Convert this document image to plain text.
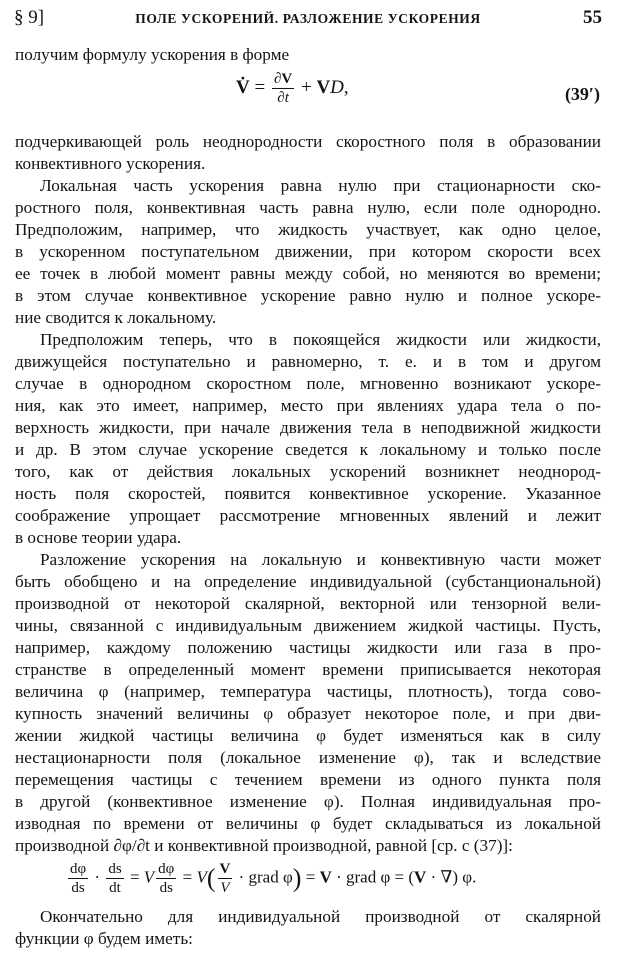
§ 9]	ПОЛЕ УСКОРЕНИЙ. РАЗЛОЖЕНИЕ УСКОРЕНИЯ	55
получим формулу ускорения в форме
V̇ = $\frac{\partial V}{\partial t}$ + VD,	(39′)
подчеркивающей роль неоднородности скоростного поля в образовании
конвективного ускорения.
Локальная часть ускорения равна нулю при стационарности ско-
ростного поля, конвективная часть равна нулю, если поле однородно.
Предположим, например, что жидкость участвует, как одно целое,
в ускоренном поступательном движении, при котором скорости всех
ее точек в любой момент равны между собой, но меняются во времени;
в этом случае конвективное ускорение равно нулю и полное ускоре-
ние сводится к локальному.
Предположим теперь, что в покоящейся жидкости или жидкости,
движущейся поступательно и равномерно, т. е. и в том и другом
случае в однородном скоростном поле, мгновенно возникают ускоре-
ния, как это имеет, например, место при явлениях удара тела о по-
верхность жидкости, при начале движения тела в неподвижной жидкости
и др. В этом случае ускорение сведется к локальному и только после
того, как от действия локальных ускорений возникнет неоднород-
ность поля скоростей, появится конвективное ускорение. Указанное
соображение упрощает рассмотрение мгновенных явлений и лежит
в основе теории удара.
Разложение ускорения на локальную и конвективную части может
быть обобщено и на определение индивидуальной (субстанциональной)
производной от некоторой скалярной, векторной или тензорной вели-
чины, связанной с индивидуальным движением жидкой частицы. Пусть,
например, каждому положению частицы жидкости или газа в про-
странстве в определенный момент времени приписывается некоторая
величина φ (например, температура частицы, плотность), тогда сово-
купность значений величины φ образует некоторое поле, и при дви-
жении жидкой частицы величина φ будет изменяться как в силу
нестационарности поля (локальное изменение φ), так и вследствие
перемещения частицы с течением времени из одного пункта поля
в другой (конвективное изменение φ). Полная индивидуальная про-
изводная по времени от величины φ будет складываться из локальной
производной ∂φ/∂t и конвективной производной, равной [ср. с (37)]:
$\frac{d\varphi}{ds} \cdot \frac{ds}{dt} = V \frac{d\varphi}{ds} = V( \frac{V}{V}$ · grad φ) = V · grad φ = (V · ∇) φ.
Окончательно для индивидуальной производной от скалярной
функции φ будем иметь:
